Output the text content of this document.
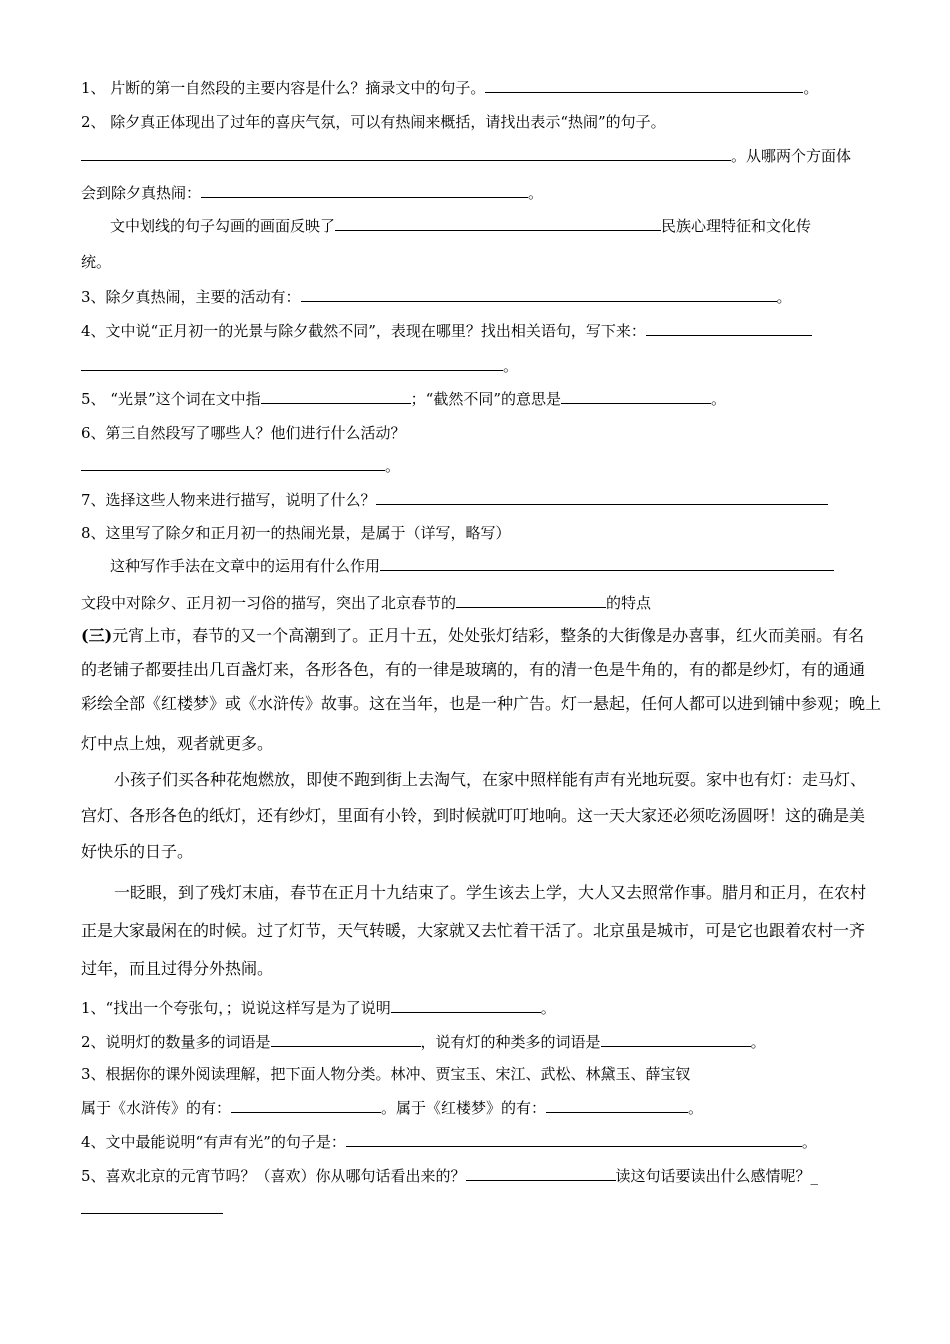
1、 片断的第一自然段的主要内容是什么？摘录文中的句子。	。
2、 除夕真正体现出了过年的喜庆气氛，可以有热闹来概括，请找出表示“热闹”的句子。
。从哪两个方面体
会到除夕真热闹：	。
文中划线的句子勾画的画面反映了	民族心理特征和文化传
统。
3、除夕真热闹，主要的活动有：	。
4、文中说“正月初一的光景与除夕截然不同”，表现在哪里？找出相关语句，写下来：
。
5、 “光景”这个词在文中指	；“截然不同”的意思是	。
6、第三自然段写了哪些人？他们进行什么活动？
。
7、选择这些人物来进行描写，说明了什么？
8、这里写了除夕和正月初一的热闹光景，是属于（详写，略写）
这种写作手法在文章中的运用有什么作用
文段中对除夕、正月初一习俗的描写，突出了北京春节的	的特点
(三)元宵上市，春节的又一个高潮到了。正月十五，处处张灯结彩，整条的大街像是办喜事，红火而美丽。有名
的老铺子都要挂出几百盏灯来，各形各色，有的一律是玻璃的，有的清一色是牛角的，有的都是纱灯，有的通通
彩绘全部《红楼梦》或《水浒传》故事。这在当年，也是一种广告。灯一悬起，任何人都可以进到铺中参观；晚上
灯中点上烛，观者就更多。
小孩子们买各种花炮燃放，即使不跑到街上去淘气，在家中照样能有声有光地玩耍。家中也有灯：走马灯、
宫灯、各形各色的纸灯，还有纱灯，里面有小铃，到时候就叮叮地响。这一天大家还必须吃汤圆呀！这的确是美
好快乐的日子。
一眨眼，到了残灯末庙，春节在正月十九结束了。学生该去上学，大人又去照常作事。腊月和正月，在农村
正是大家最闲在的时候。过了灯节，天气转暖，大家就又去忙着干活了。北京虽是城市，可是它也跟着农村一齐
过年，而且过得分外热闹。
1、“找出一个夸张句，；说说这样写是为了说明	。
2、说明灯的数量多的词语是	，说有灯的种类多的词语是	。
3、根据你的课外阅读理解，把下面人物分类。林冲、贾宝玉、宋江、武松、林黛玉、薛宝钗
属于《水浒传》的有：	。属于《红楼梦》的有：	。
4、文中最能说明“有声有光”的句子是：	。
5、喜欢北京的元宵节吗？（喜欢）你从哪句话看出来的？	读这句话要读出什么感情呢？_
